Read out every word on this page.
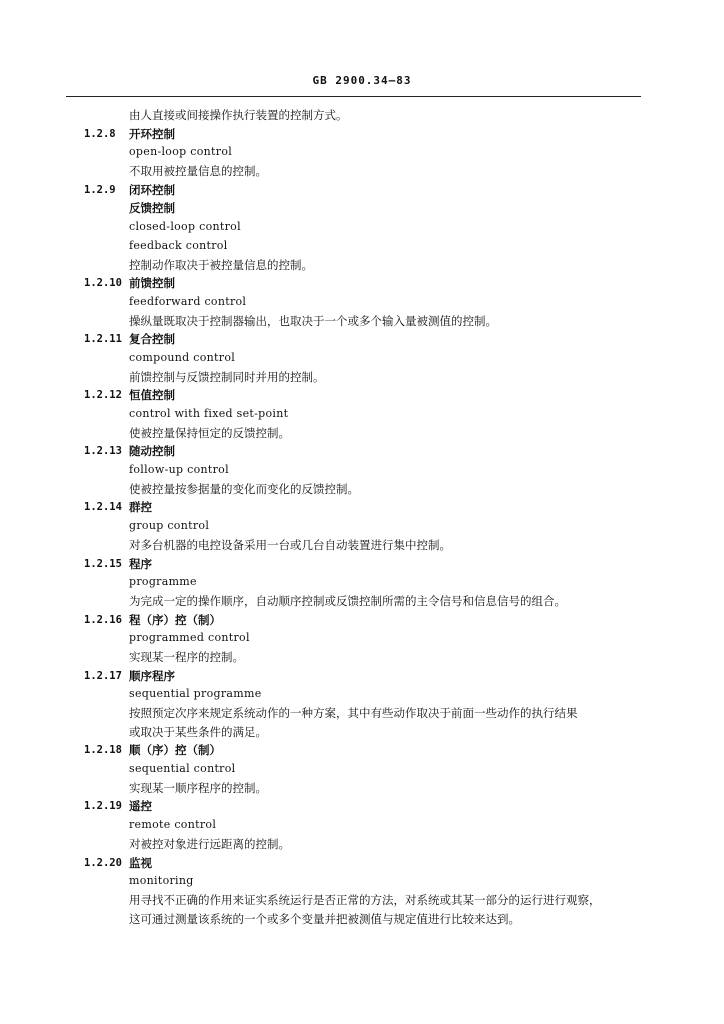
GB 2900.34—83
由人直接或间接操作执行装置的控制方式。
1.2.8 开环控制
open-loop control
不取用被控量信息的控制。
1.2.9 闭环控制
反馈控制
closed-loop control
feedback control
控制动作取决于被控量信息的控制。
1.2.10 前馈控制
feedforward control
操纵量既取决于控制器输出，也取决于一个或多个输入量被测值的控制。
1.2.11 复合控制
compound control
前馈控制与反馈控制同时并用的控制。
1.2.12 恒值控制
control with fixed set-point
使被控量保持恒定的反馈控制。
1.2.13 随动控制
follow-up control
使被控量按参据量的变化而变化的反馈控制。
1.2.14 群控
group control
对多台机器的电控设备采用一台或几台自动装置进行集中控制。
1.2.15 程序
programme
为完成一定的操作顺序，自动顺序控制或反馈控制所需的主令信号和信息信号的组合。
1.2.16 程（序）控（制）
programmed control
实现某一程序的控制。
1.2.17 顺序程序
sequential programme
按照预定次序来规定系统动作的一种方案，其中有些动作取决于前面一些动作的执行结果
或取决于某些条件的满足。
1.2.18 顺（序）控（制）
sequential control
实现某一顺序程序的控制。
1.2.19 遥控
remote control
对被控对象进行远距离的控制。
1.2.20 监视
monitoring
用寻找不正确的作用来证实系统运行是否正常的方法，对系统或其某一部分的运行进行观察，
这可通过测量该系统的一个或多个变量并把被测值与规定值进行比较来达到。
